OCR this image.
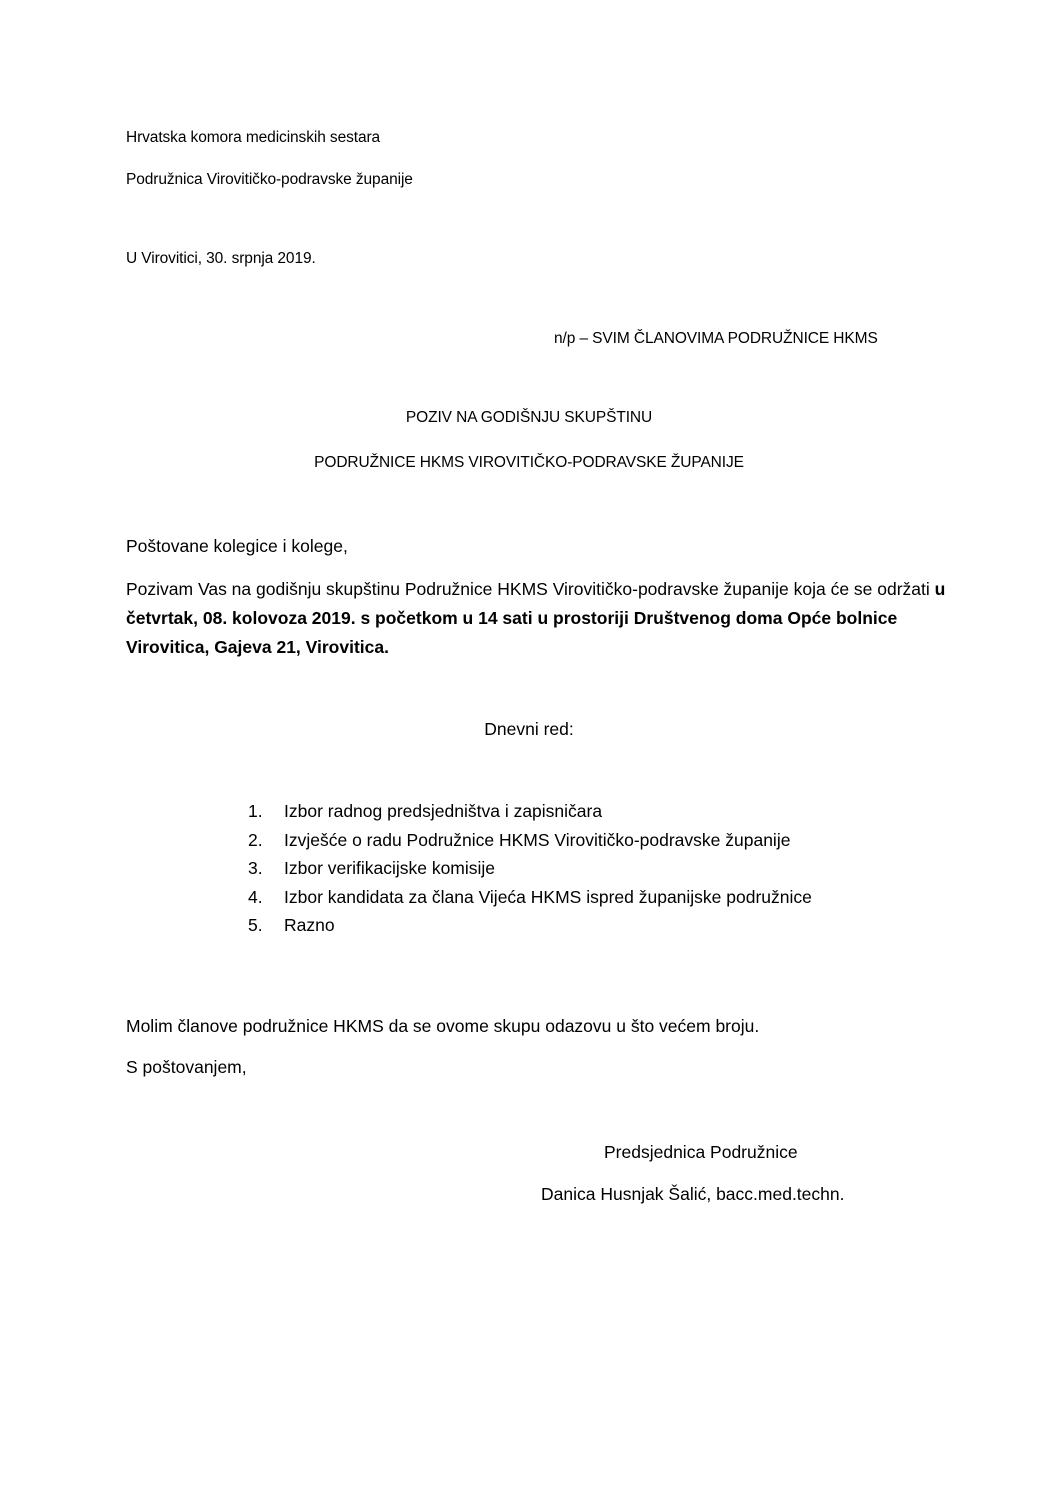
Hrvatska komora medicinskih sestara
Podružnica Virovitičko-podravske županije
U Virovitici, 30. srpnja 2019.
n/p – SVIM ČLANOVIMA PODRUŽNICE HKMS
POZIV NA GODIŠNJU SKUPŠTINU
PODRUŽNICE HKMS VIROVITIČKO-PODRAVSKE ŽUPANIJE
Poštovane kolegice i kolege,
Pozivam Vas na godišnju skupštinu Podružnice HKMS Virovitičko-podravske županije koja će se održati u četvrtak, 08. kolovoza 2019. s početkom u 14 sati u prostoriji Društvenog doma Opće bolnice Virovitica, Gajeva 21, Virovitica.
Dnevni red:
1. Izbor radnog predsjedništva i zapisničara
2. Izvješće o radu Podružnice HKMS Virovitičko-podravske županije
3. Izbor verifikacijske komisije
4. Izbor kandidata za člana Vijeća HKMS ispred županijske podružnice
5. Razno
Molim članove podružnice HKMS da se ovome skupu odazovu u što većem broju.
S poštovanjem,
Predsjednica Podružnice
Danica Husnjak Šalić, bacc.med.techn.
